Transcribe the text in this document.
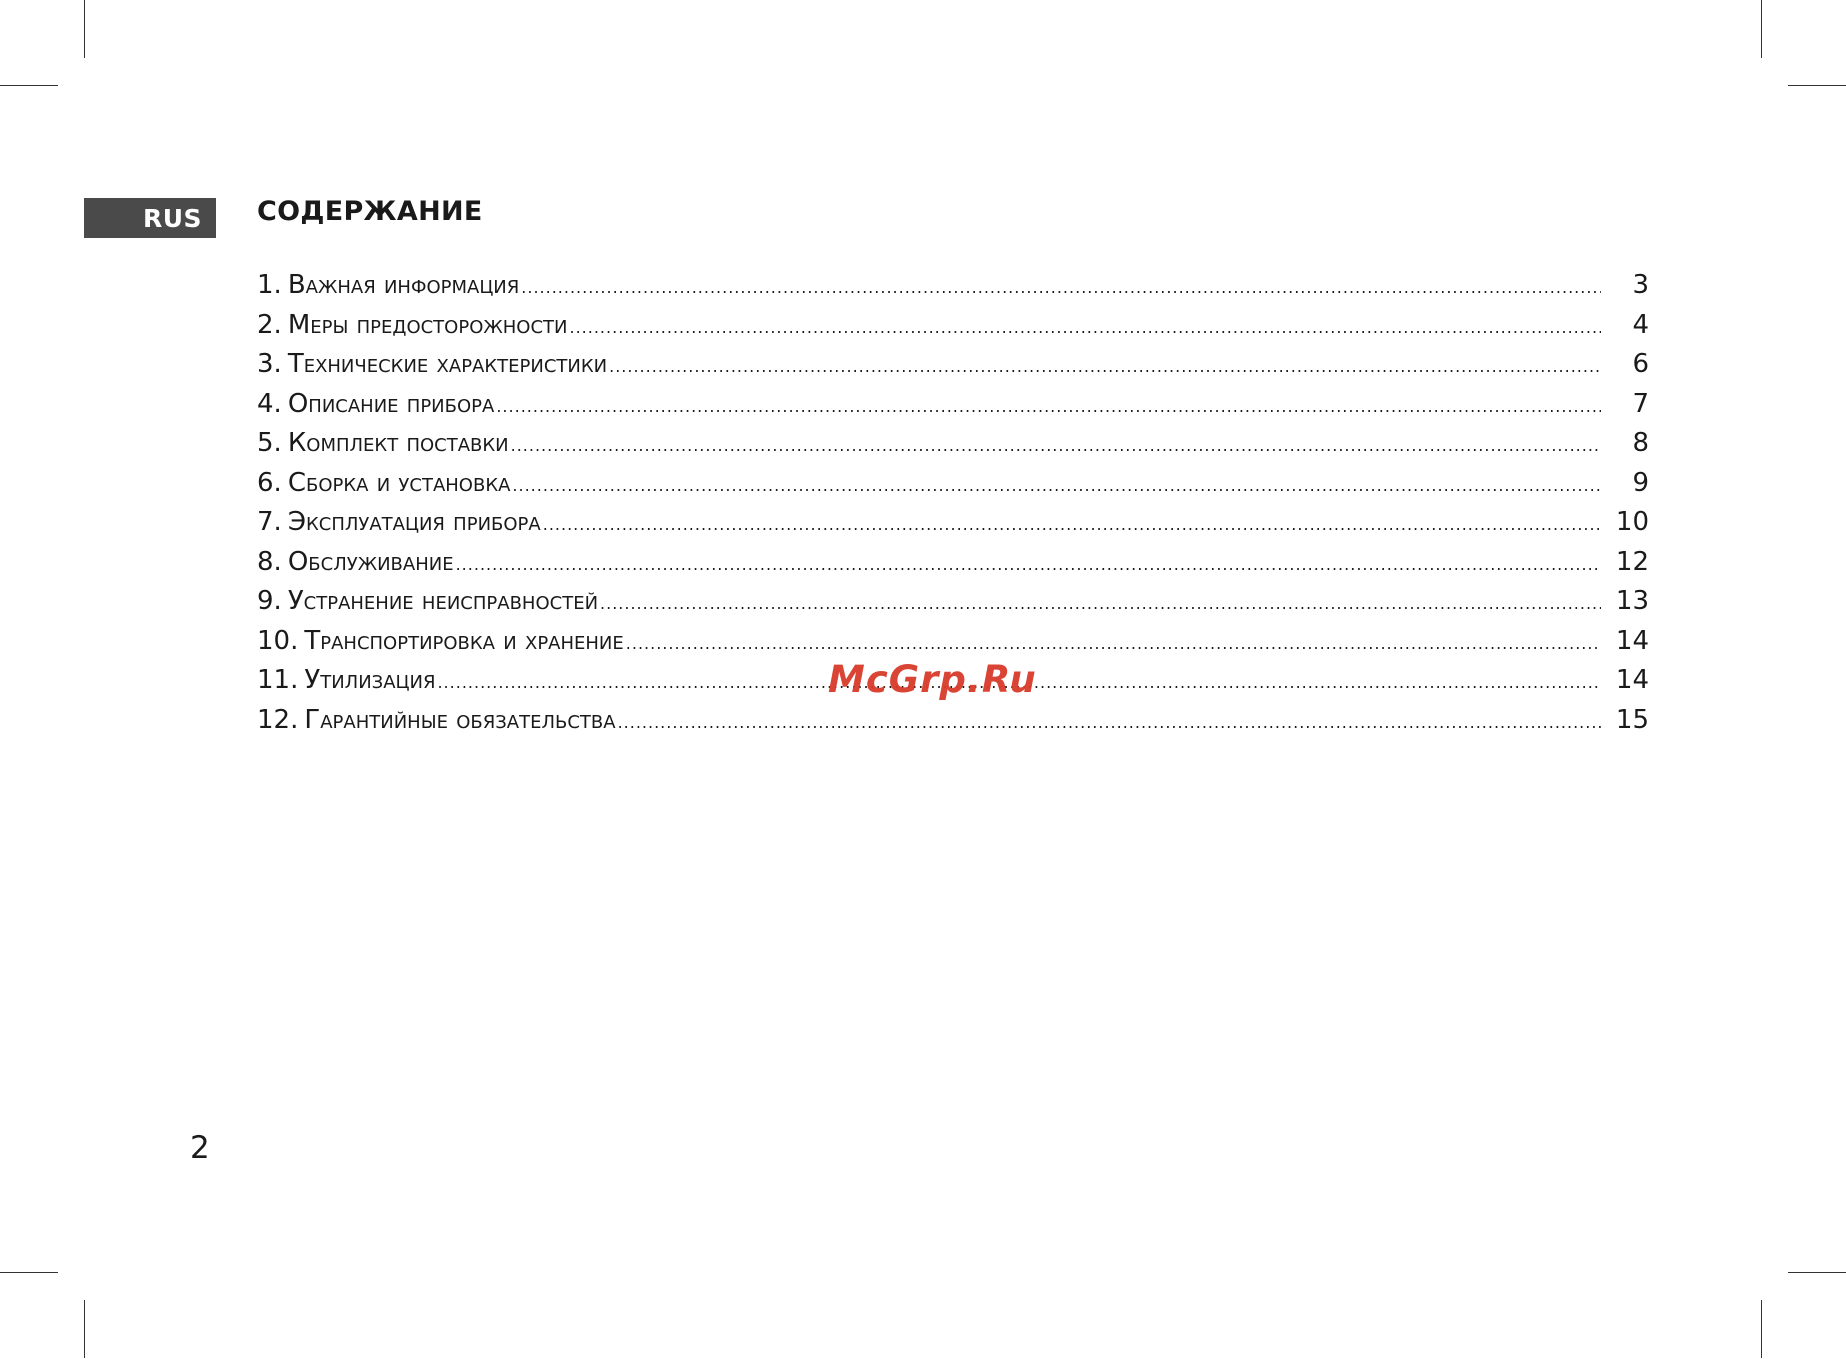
RUS	СОДЕРЖАНИЕ
1. Важная информация .....	3
2. Меры предосторожности .....	4
3. Технические характеристики .....	6
4. Описание прибора .....	7
5. Комплект поставки .....	8
6. Сборка и установка .....	9
7. Эксплуатация прибора .....	10
8. Обслуживание .....	12
9. Устранение неисправностей .....	13
10. Транспортировка и хранение .....	14
11. Утилизация .....	14
12. Гарантийные обязательства .....	15
McGrp.Ru
2
